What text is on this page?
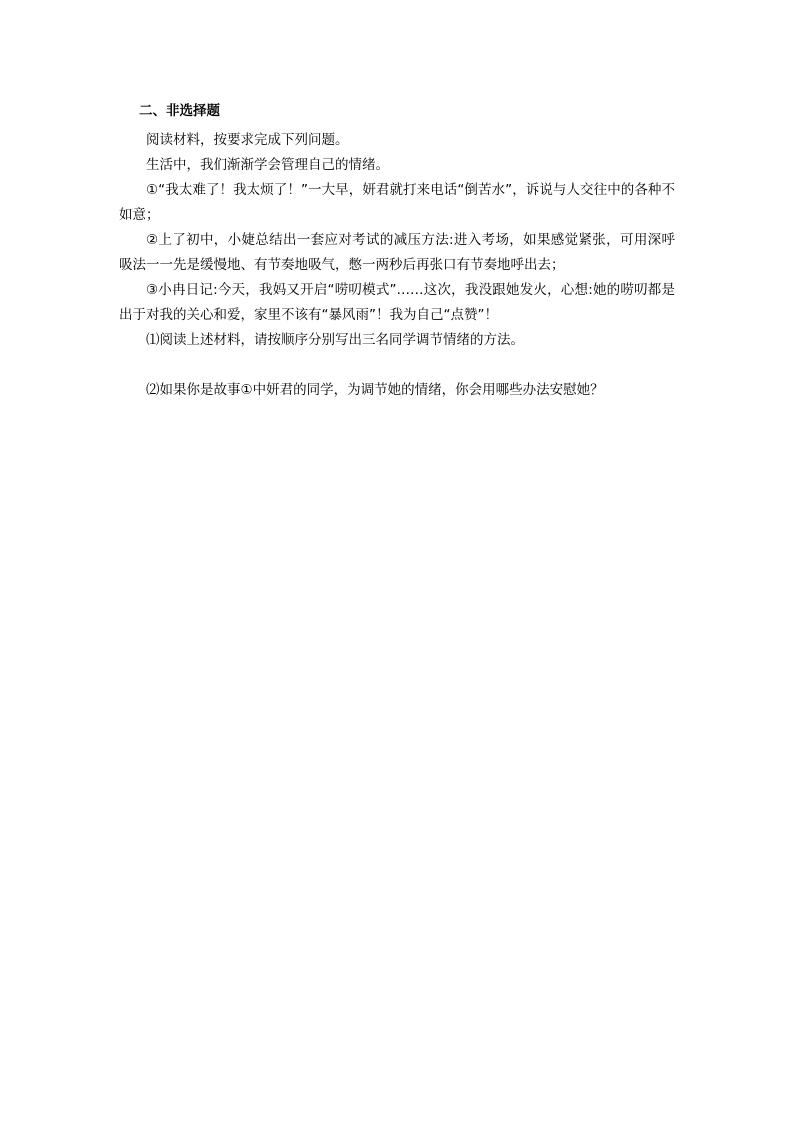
二、非选择题

阅读材料，按要求完成下列问题。

生活中，我们渐渐学会管理自己的情绪。

①“我太难了！我太烦了！”一大早，妍君就打来电话“倒苦水”，诉说与人交往中的各种不如意；

②上了初中，小婕总结出一套应对考试的减压方法:进入考场，如果感觉紧张，可用深呼吸法一一先是缓慢地、有节奏地吸气，憋一两秒后再张口有节奏地呼出去；

③小冉日记:今天，我妈又开启“唠叨模式”……这次，我没跟她发火，心想:她的唠叨都是出于对我的关心和爱，家里不该有“暴风雨”！我为自己“点赞”！

⑴阅读上述材料，请按顺序分别写出三名同学调节情绪的方法。

⑵如果你是故事①中妍君的同学，为调节她的情绪，你会用哪些办法安慰她？
